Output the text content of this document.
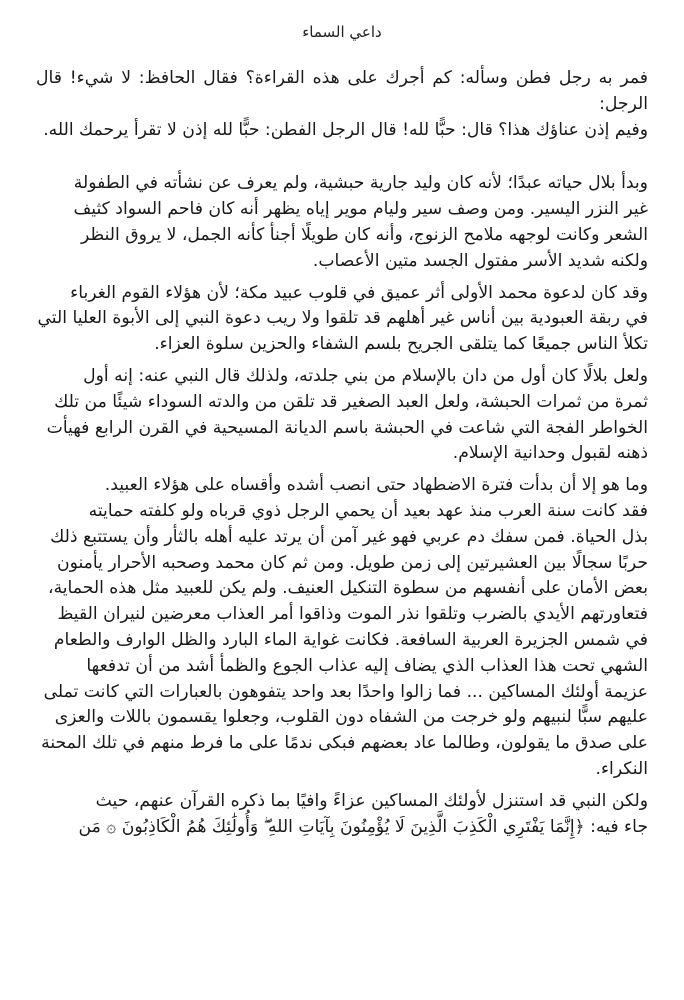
داعي السماء

فمر به رجل فطن وسأله: كم أجرك على هذه القراءة؟ فقال الحافظ: لا شيء! قال الرجل:
وفيم إذن عناؤك هذا؟ قال: حبًّا لله! قال الرجل الفطن: حبًّا لله إذن لا تقرأ يرحمك الله.

وبدأ بلال حياته عبدًا؛ لأنه كان وليد جارية حبشية، ولم يعرف عن نشأته في الطفولة
غير النزر اليسير. ومن وصف سير وليام موير إياه يظهر أنه كان فاحم السواد كثيف
الشعر وكانت لوجهه ملامح الزنوج، وأنه كان طويلًا أجنأ كأنه الجمل، لا يروق النظر
ولكنه شديد الأسر مفتول الجسد متين الأعصاب.

وقد كان لدعوة محمد الأولى أثر عميق في قلوب عبيد مكة؛ لأن هؤلاء القوم الغرباء
في ربقة العبودية بين أناس غير أهلهم قد تلقوا ولا ريب دعوة النبي إلى الأبوة العليا التي
تكلأ الناس جميعًا كما يتلقى الجريح بلسم الشفاء والحزين سلوة العزاء.

ولعل بلالًا كان أول من دان بالإسلام من بني جلدته، ولذلك قال النبي عنه: إنه أول
ثمرة من ثمرات الحبشة، ولعل العبد الصغير قد تلقن من والدته السوداء شيئًا من تلك
الخواطر الفجة التي شاعت في الحبشة باسم الديانة المسيحية في القرن الرابع فهيأت
ذهنه لقبول وحدانية الإسلام.

وما هو إلا أن بدأت فترة الاضطهاد حتى انصب أشده وأقساه على هؤلاء العبيد.
فقد كانت سنة العرب منذ عهد بعيد أن يحمي الرجل ذوي قرباه ولو كلفته حمايته
بذل الحياة. فمن سفك دم عربي فهو غير آمن أن يرتد عليه أهله بالثأر وأن يستتبع ذلك
حربًا سجالًا بين العشيرتين إلى زمن طويل. ومن ثم كان محمد وصحبه الأحرار يأمنون
بعض الأمان على أنفسهم من سطوة التنكيل العنيف. ولم يكن للعبيد مثل هذه الحماية،
فتعاورتهم الأيدي بالضرب وتلقوا نذر الموت وذاقوا أمر العذاب معرضين لنيران القيظ
في شمس الجزيرة العربية السافعة. فكانت غواية الماء البارد والظل الوارف والطعام
الشهي تحت هذا العذاب الذي يضاف إليه عذاب الجوع والظمأ أشد من أن تدفعها
عزيمة أولئك المساكين ... فما زالوا واحدًا بعد واحد يتفوهون بالعبارات التي كانت تملى
عليهم سبًّا لنبيهم ولو خرجت من الشفاه دون القلوب، وجعلوا يقسمون باللات والعزى
على صدق ما يقولون، وطالما عاد بعضهم فبكى ندمًا على ما فرط منهم في تلك المحنة
النكراء.

ولكن النبي قد استنزل لأولئك المساكين عزاءً وافيًا بما ذكره القرآن عنهم، حيث
جاء فيه: ﴿إِنَّمَا يَفْتَرِي الْكَذِبَ الَّذِينَ لَا يُؤْمِنُونَ بِآيَاتِ اللهِ ۖ وَأُولَٰئِكَ هُمُ الْكَاذِبُونَ ۞ مَن
